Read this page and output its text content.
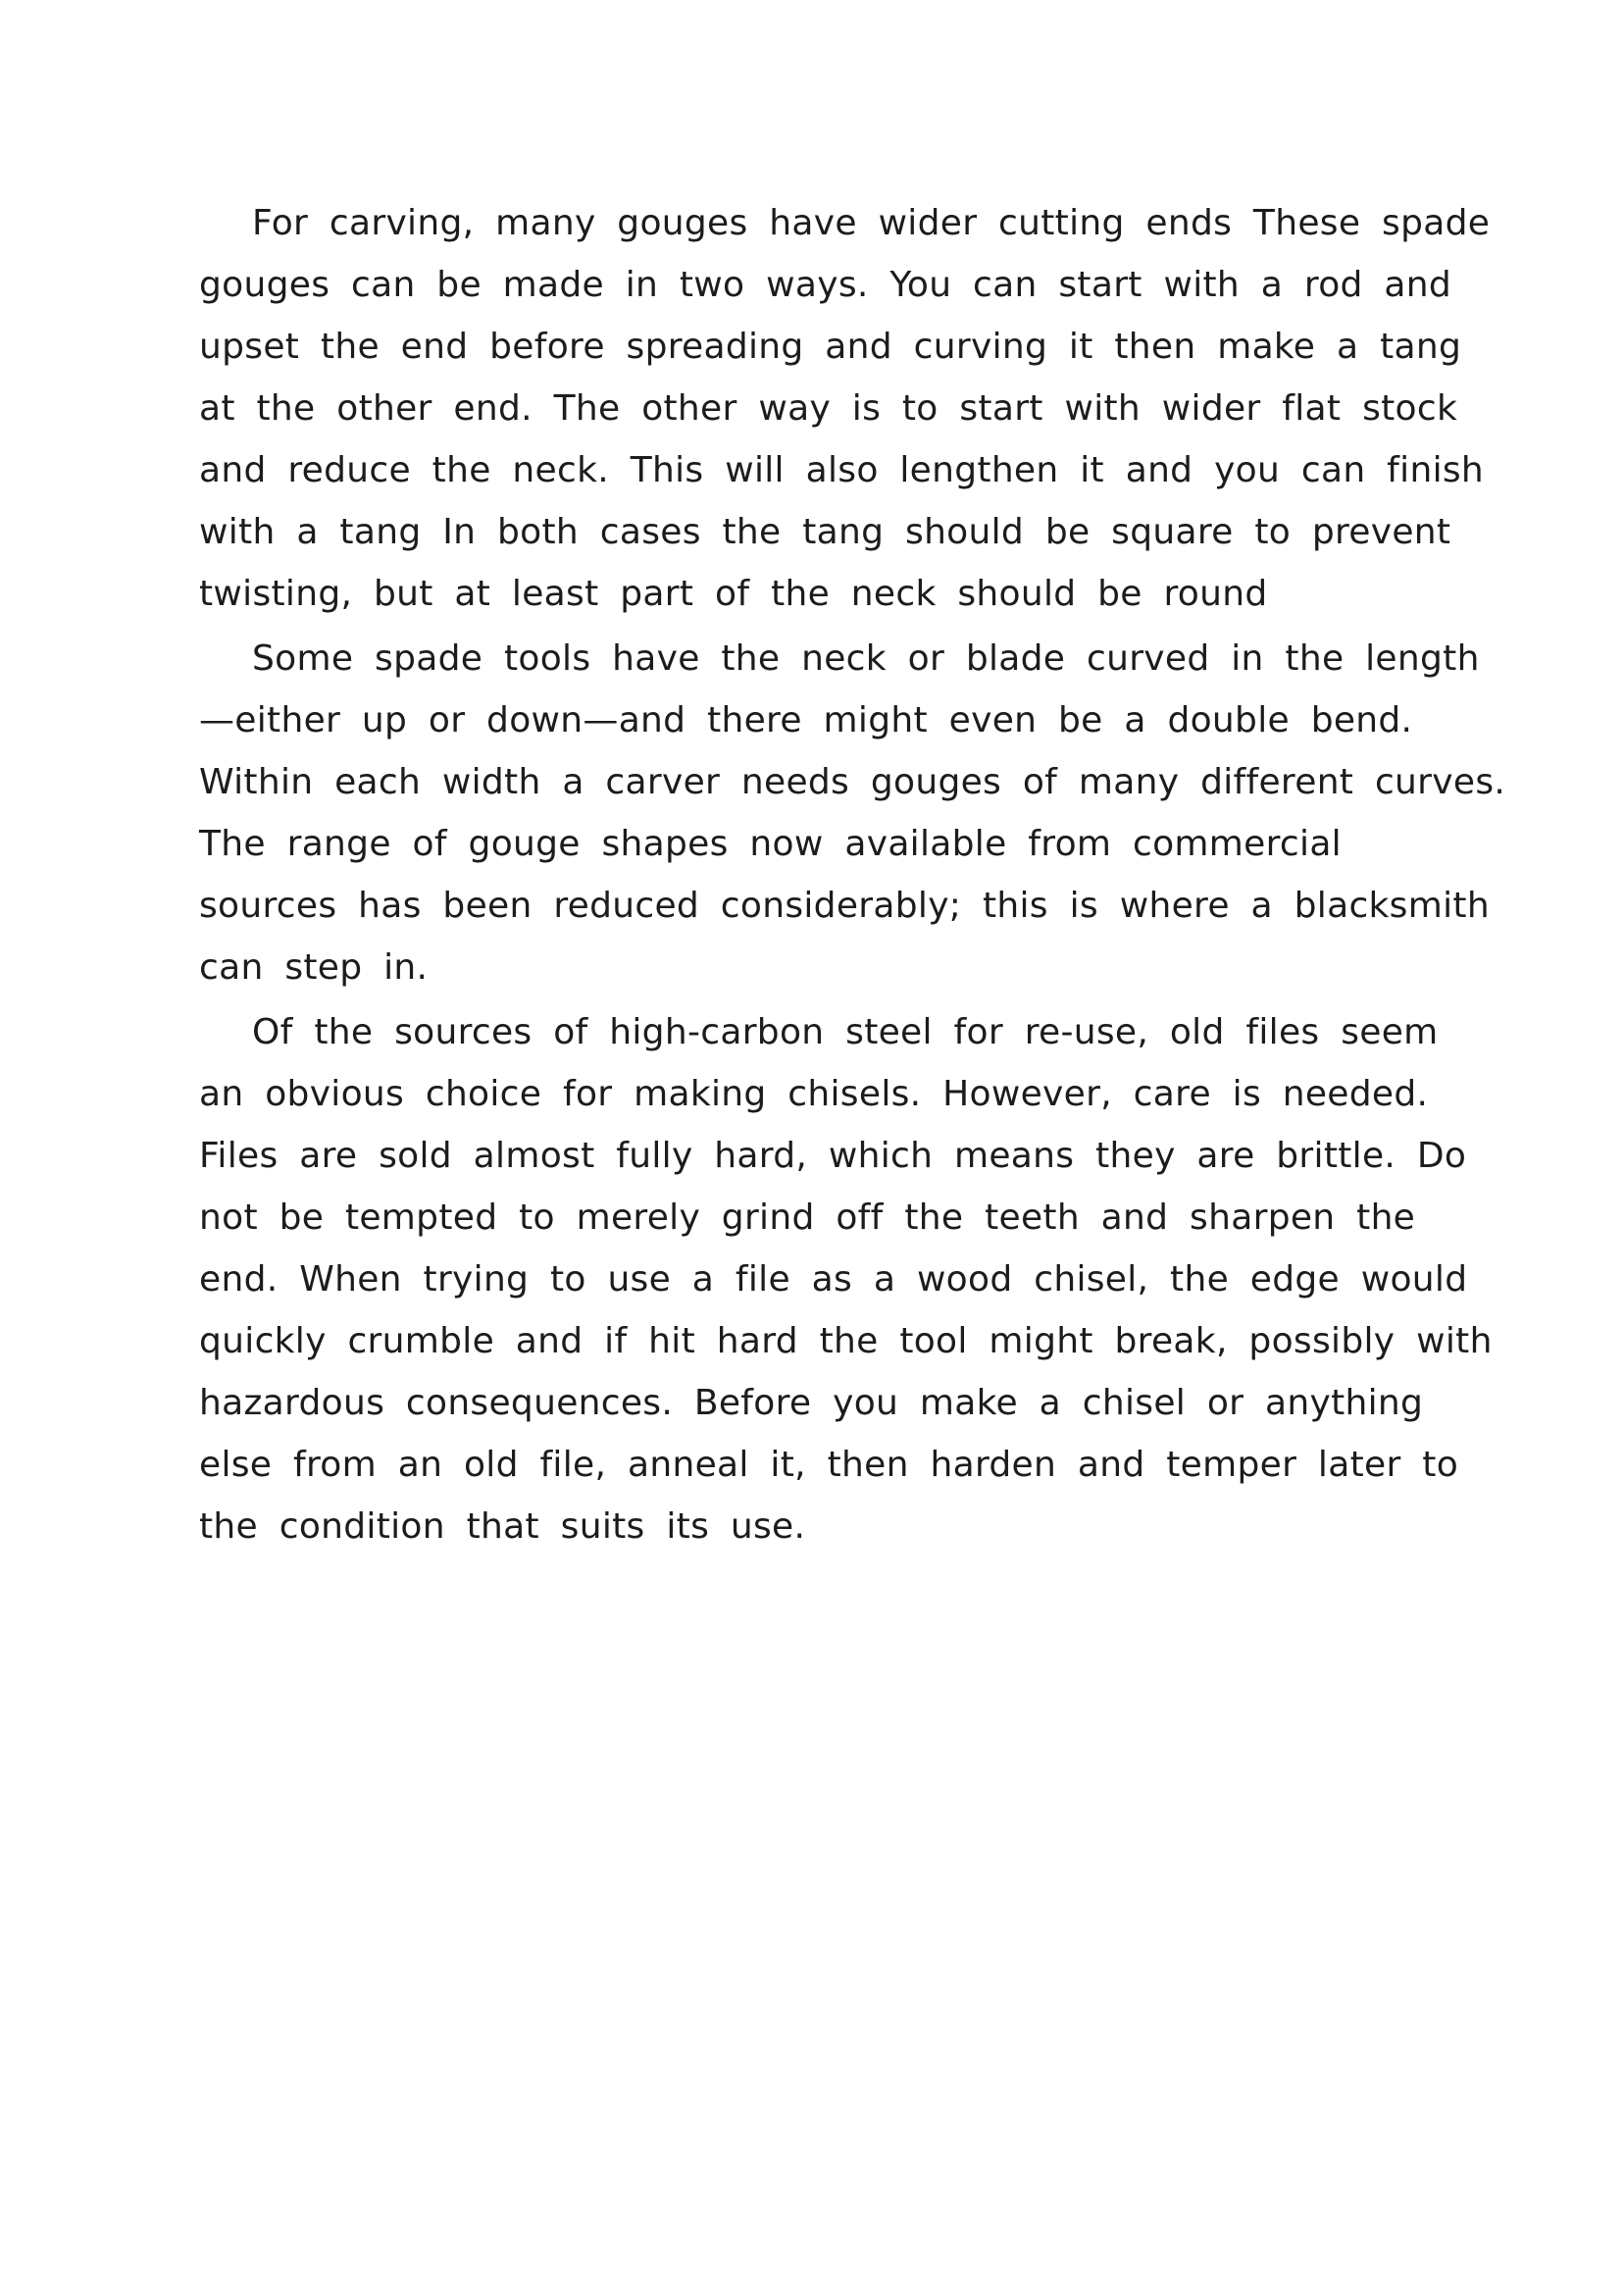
For carving, many gouges have wider cutting ends These spade
gouges can be made in two ways. You can start with a rod and
upset the end before spreading and curving it then make a tang
at the other end. The other way is to start with wider flat stock
and reduce the neck. This will also lengthen it and you can finish
with a tang In both cases the tang should be square to prevent
twisting, but at least part of the neck should be round

Some spade tools have the neck or blade curved in the length
—either up or down—and there might even be a double bend.
Within each width a carver needs gouges of many different curves.
The range of gouge shapes now available from commercial
sources has been reduced considerably; this is where a blacksmith
can step in.

Of the sources of high-carbon steel for re-use, old files seem
an obvious choice for making chisels. However, care is needed.
Files are sold almost fully hard, which means they are brittle. Do
not be tempted to merely grind off the teeth and sharpen the
end. When trying to use a file as a wood chisel, the edge would
quickly crumble and if hit hard the tool might break, possibly with
hazardous consequences. Before you make a chisel or anything
else from an old file, anneal it, then harden and temper later to
the condition that suits its use.
